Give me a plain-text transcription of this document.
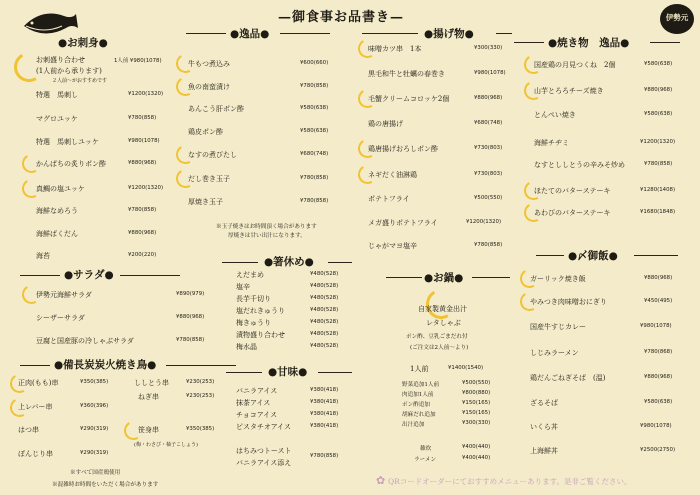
伊勢元
—御食事お品書き—
●お刺身●
お刺盛り合わせ	1人前 ¥980(1078)
(1人前から承ります)
２人前～がおすすめです
特選　馬刺し	¥1200(1320)
マグロユッケ	¥780(858)
特選　馬刺しユッケ	¥980(1078)
かんぱちの炙りポン酢	¥880(968)
真鯛の塩ユッケ	¥1200(1320)
海鮮なめろう	¥780(858)
海鮮ばくだん	¥880(968)
海苔	¥200(220)
●サラダ●
伊勢元海鮮サラダ	¥890(979)
シーザーサラダ	¥880(968)
豆腐と国産豚の冷しゃぶサラダ	¥780(858)
●備長炭炭火焼き鳥●
正肉(もも)串	¥350(385)
上レバー串	¥360(396)
はつ串	¥290(319)
ぼんじり串	¥290(319)
ししとう串	¥230(253)
ねぎ串	¥230(253)
笹身串	¥350(385)
(梅・わさび・柚子こしょう)
※すべて国産鶏使用
※混雑時お時間をいただく場合があります
●逸品●
牛もつ煮込み	¥600(660)
魚の南蛮漬け	¥780(858)
あんこう肝ポン酢	¥580(638)
鶏皮ポン酢	¥580(638)
なすの煮びたし	¥680(748)
だし巻き玉子	¥780(858)
厚焼き玉子	¥780(858)
※玉子焼きはお時間頂く場合があります
厚焼きは甘い出汁になります。
●箸休め●
えだまめ	¥480(528)
塩辛	¥480(528)
長芋千切り	¥480(528)
塩だれきゅうり	¥480(528)
梅きゅうり	¥480(528)
漬物盛り合わせ	¥480(528)
梅水晶	¥480(528)
●甘味●
バニラアイス	¥380(418)
抹茶アイス	¥380(418)
チョコアイス	¥380(418)
ピスタチオアイス	¥380(418)
はちみつトースト
バニラアイス添え
¥780(858)
●揚げ物●
味噌カツ串　1本	¥300(330)
黒毛和牛と牡蠣の春巻き	¥980(1078)
毛蟹クリームコロッケ2個	¥880(968)
鶏の唐揚げ	¥680(748)
鶏唐揚げおろしポン酢	¥730(803)
ネギだく油淋鶏	¥730(803)
ポテトフライ	¥500(550)
メガ盛りポテトフライ	¥1200(1320)
じゃがマヨ塩辛	¥780(858)
●お鍋●
自家製黄金出汁
レタしゃぶ
ポン酢、豆乳ごまだれ付
(ご注文は2人前～より)
1人前	¥1400(1540)
野菜追加1人前	¥500(550)
肉追加1人前	¥800(880)
ポン酢追加	¥150(165)
胡麻だれ追加	¥150(165)
出汁追加	¥300(330)
雑炊	¥400(440)
ラーメン	¥400(440)
●焼き物　逸品●
国産鶏の月見つくね　2個	¥580(638)
山芋とろろチーズ焼き	¥880(968)
とんぺい焼き	¥580(638)
海鮮チヂミ	¥1200(1320)
なすとししとうの辛みそ炒め	¥780(858)
ほたてのバターステーキ	¥1280(1408)
あわびのバターステーキ	¥1680(1848)
●〆御飯●
ガーリック焼き飯	¥880(968)
やみつき肉味噌おにぎり	¥450(495)
国産牛すじカレー	¥980(1078)
しじみラーメン	¥780(868)
鶏だんごねぎそば　(温)	¥880(968)
ざるそば	¥580(638)
いくら丼	¥980(1078)
上海鮮丼	¥2500(2750)
✿ QRコードオーダーにておすすめメニューあります。是非ご覧ください。
